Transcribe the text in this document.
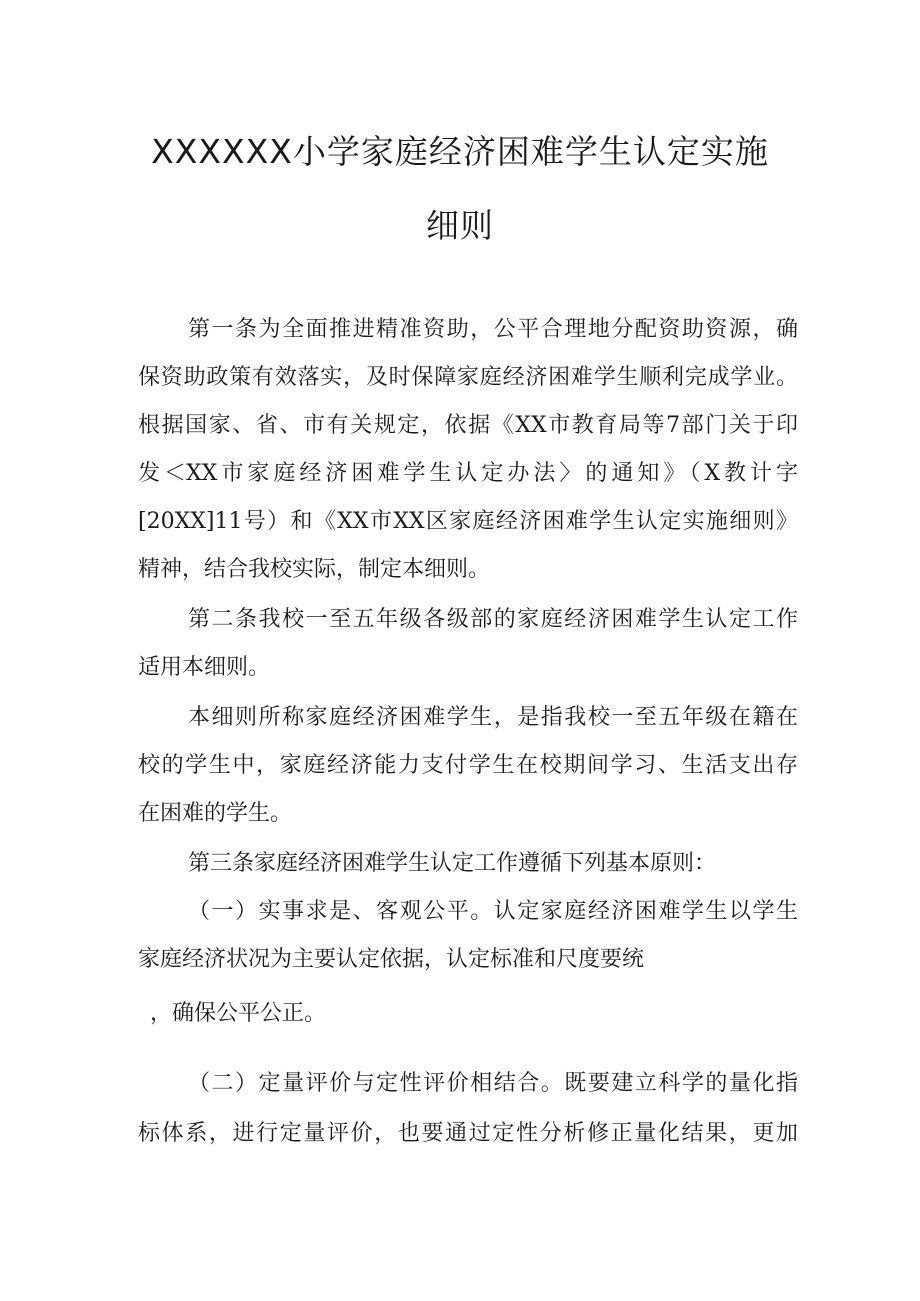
XXXXXX小学家庭经济困难学生认定实施
细则
第一条为全面推进精准资助，公平合理地分配资助资源，确
保资助政策有效落实，及时保障家庭经济困难学生顺利完成学业。
根据国家、省、市有关规定，依据《XX市教育局等7部门关于印
发＜XX市家庭经济困难学生认定办法〉的通知》（X教计字
[20XX]11号）和《XX市XX区家庭经济困难学生认定实施细则》
精神，结合我校实际，制定本细则。
第二条我校一至五年级各级部的家庭经济困难学生认定工作
适用本细则。
本细则所称家庭经济困难学生，是指我校一至五年级在籍在
校的学生中，家庭经济能力支付学生在校期间学习、生活支出存
在困难的学生。
第三条家庭经济困难学生认定工作遵循下列基本原则：
（一）实事求是、客观公平。认定家庭经济困难学生以学生
家庭经济状况为主要认定依据，认定标准和尺度要统
，确保公平公正。
（二）定量评价与定性评价相结合。既要建立科学的量化指
标体系，进行定量评价，也要通过定性分析修正量化结果，更加
